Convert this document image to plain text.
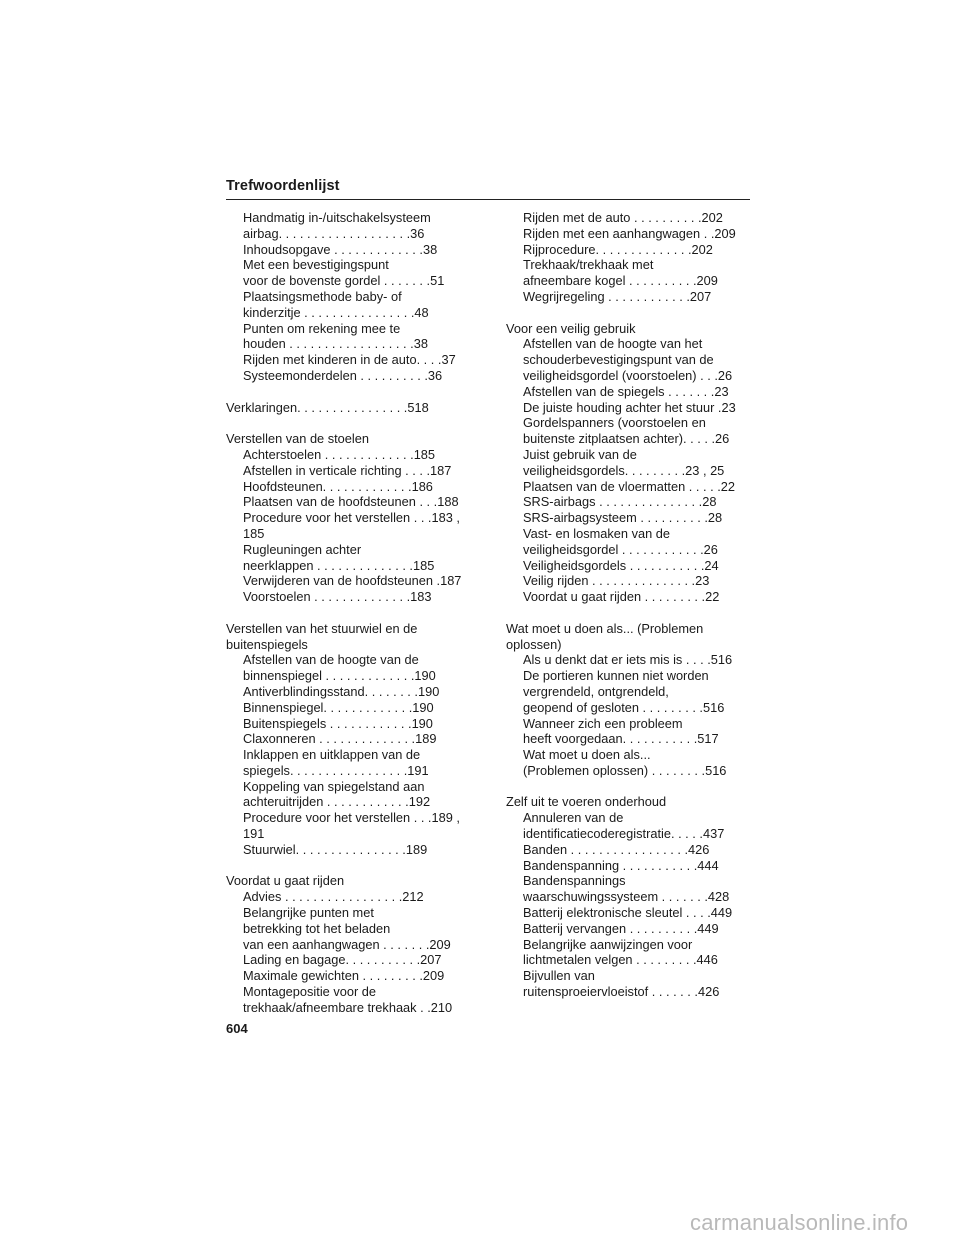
Trefwoordenlijst
Handmatig in-/uitschakelsysteem
airbag. . . . . . . . . . . . . . . . . . .36
Inhoudsopgave . . . . . . . . . . . . .38
Met een bevestigingspunt
voor de bovenste gordel . . . . . . .51
Plaatsingsmethode baby- of
kinderzitje . . . . . . . . . . . . . . . .48
Punten om rekening mee te
houden . . . . . . . . . . . . . . . . . .38
Rijden met kinderen in de auto. . . .37
Systeemonderdelen . . . . . . . . . .36
Verklaringen. . . . . . . . . . . . . . . .518
Verstellen van de stoelen
Achterstoelen . . . . . . . . . . . . .185
Afstellen in verticale richting . . . .187
Hoofdsteunen. . . . . . . . . . . . .186
Plaatsen van de hoofdsteunen . . .188
Procedure voor het verstellen . . .183 ,
185
Rugleuningen achter
neerklappen . . . . . . . . . . . . . .185
Verwijderen van de hoofdsteunen .187
Voorstoelen . . . . . . . . . . . . . .183
Verstellen van het stuurwiel en de
buitenspiegels
Afstellen van de hoogte van de
binnenspiegel . . . . . . . . . . . . .190
Antiverblindingsstand. . . . . . . .190
Binnenspiegel. . . . . . . . . . . . .190
Buitenspiegels . . . . . . . . . . . .190
Claxonneren . . . . . . . . . . . . . .189
Inklappen en uitklappen van de
spiegels. . . . . . . . . . . . . . . . .191
Koppeling van spiegelstand aan
achteruitrijden . . . . . . . . . . . .192
Procedure voor het verstellen . . .189 ,
191
Stuurwiel. . . . . . . . . . . . . . . .189
Voordat u gaat rijden
Advies . . . . . . . . . . . . . . . . .212
Belangrijke punten met
betrekking tot het beladen
van een aanhangwagen . . . . . . .209
Lading en bagage. . . . . . . . . . .207
Maximale gewichten . . . . . . . . .209
Montagepositie voor de
trekhaak/afneembare trekhaak . .210
Rijden met de auto . . . . . . . . . .202
Rijden met een aanhangwagen . .209
Rijprocedure. . . . . . . . . . . . . .202
Trekhaak/trekhaak met
afneembare kogel . . . . . . . . . .209
Wegrijregeling . . . . . . . . . . . .207
Voor een veilig gebruik
Afstellen van de hoogte van het
schouderbevestigingspunt van de
veiligheidsgordel (voorstoelen) . . .26
Afstellen van de spiegels . . . . . . .23
De juiste houding achter het stuur .23
Gordelspanners (voorstoelen en
buitenste zitplaatsen achter). . . . .26
Juist gebruik van de
veiligheidsgordels. . . . . . . . .23 , 25
Plaatsen van de vloermatten . . . . .22
SRS-airbags . . . . . . . . . . . . . . .28
SRS-airbagsysteem . . . . . . . . . .28
Vast- en losmaken van de
veiligheidsgordel . . . . . . . . . . . .26
Veiligheidsgordels . . . . . . . . . . .24
Veilig rijden . . . . . . . . . . . . . . .23
Voordat u gaat rijden . . . . . . . . .22
Wat moet u doen als... (Problemen
oplossen)
Als u denkt dat er iets mis is . . . .516
De portieren kunnen niet worden
vergrendeld, ontgrendeld,
geopend of gesloten . . . . . . . . .516
Wanneer zich een probleem
heeft voorgedaan. . . . . . . . . . .517
Wat moet u doen als...
(Problemen oplossen) . . . . . . . .516
Zelf uit te voeren onderhoud
Annuleren van de
identificatiecoderegistratie. . . . .437
Banden . . . . . . . . . . . . . . . . .426
Bandenspanning . . . . . . . . . . .444
Bandenspannings
waarschuwingssysteem . . . . . . .428
Batterij elektronische sleutel . . . .449
Batterij vervangen . . . . . . . . . .449
Belangrijke aanwijzingen voor
lichtmetalen velgen . . . . . . . . .446
Bijvullen van
ruitensproeiervloeistof . . . . . . .426
604
carmanualsonline.info
